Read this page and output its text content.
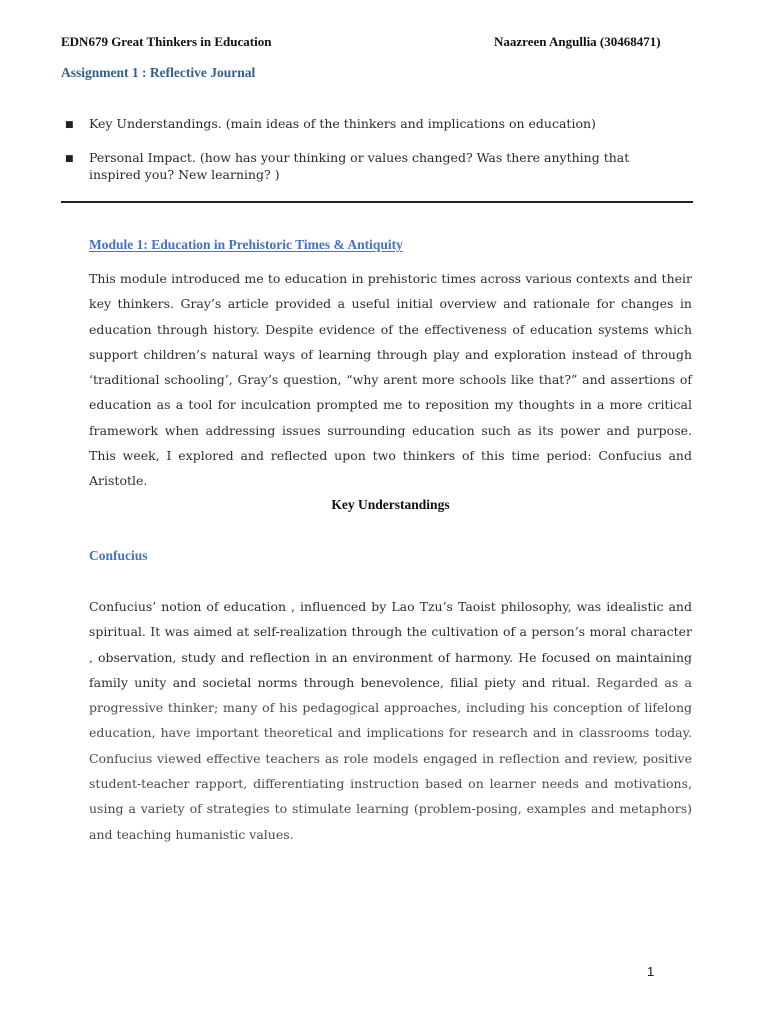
EDN679 Great Thinkers in Education	Naazreen Angullia (30468471)
Assignment 1 : Reflective Journal
■ Key Understandings. (main ideas of the thinkers and implications on education)
■ Personal Impact. (how has your thinking or values changed? Was there anything that inspired you? New learning? )
Module 1: Education in Prehistoric Times & Antiquity

This module introduced me to education in prehistoric times across various contexts and their key thinkers. Gray’s article provided a useful initial overview and rationale for changes in education through history. Despite evidence of the effectiveness of education systems which support children’s natural ways of learning through play and exploration instead of through ‘traditional schooling’, Gray’s question, “why arent more schools like that?” and assertions of education as a tool for inculcation prompted me to reposition my thoughts in a more critical framework when addressing issues surrounding education such as its power and purpose. This week, I explored and reflected upon two thinkers of this time period: Confucius and Aristotle.

Key Understandings
Confucius

Confucius’ notion of education , influenced by Lao Tzu’s Taoist philosophy, was idealistic and spiritual. It was aimed at self-realization through the cultivation of a person’s moral character , observation, study and reflection in an environment of harmony. He focused on maintaining family unity and societal norms through benevolence, filial piety and ritual. Regarded as a progressive thinker; many of his pedagogical approaches, including his conception of lifelong education, have important theoretical and implications for research and in classrooms today. Confucius viewed effective teachers as role models engaged in reflection and review, positive student-teacher rapport, differentiating instruction based on learner needs and motivations, using a variety of strategies to stimulate learning (problem-posing, examples and metaphors) and teaching humanistic values.

1
